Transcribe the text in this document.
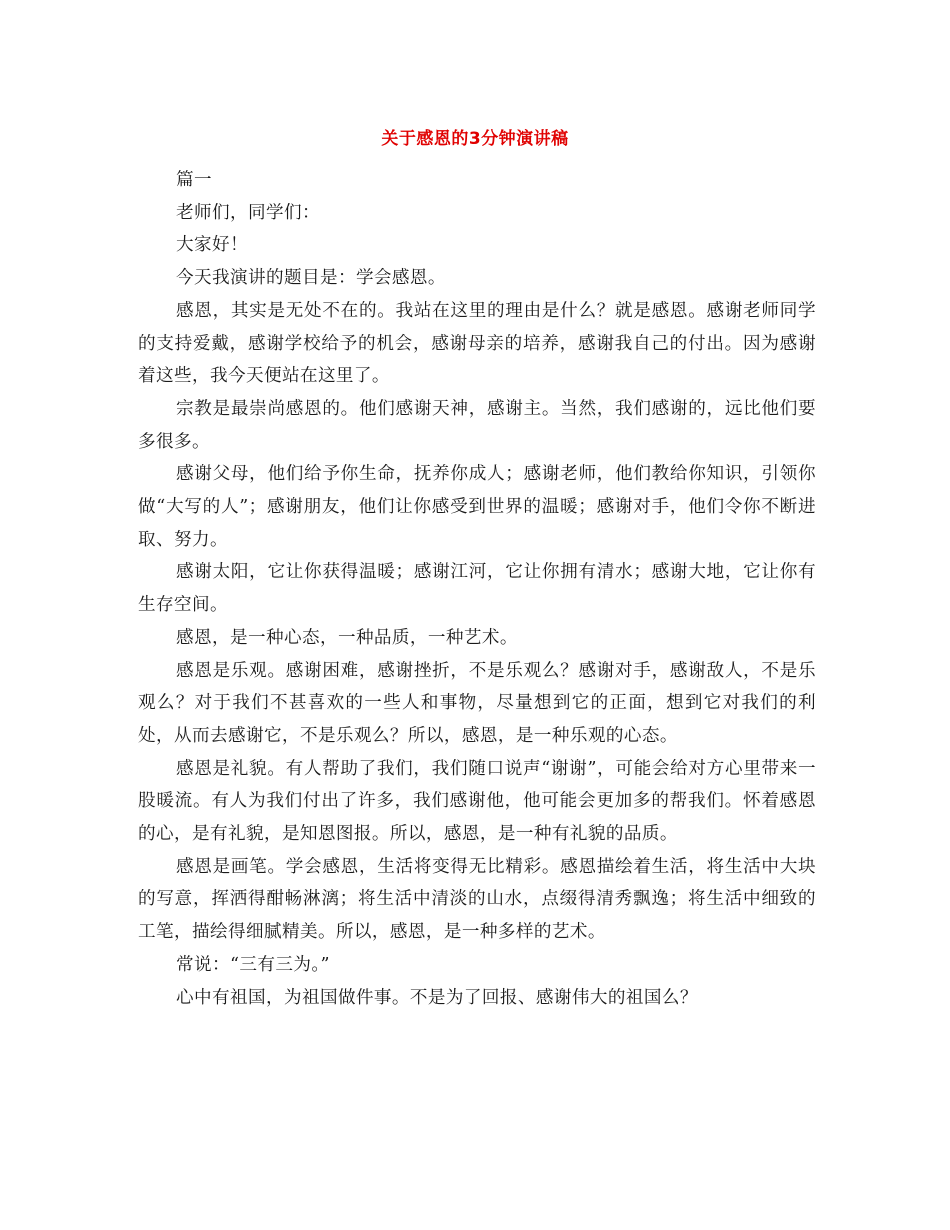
关于感恩的3分钟演讲稿

篇一

老师们，同学们：

大家好！

今天我演讲的题目是：学会感恩。

感恩，其实是无处不在的。我站在这里的理由是什么？就是感恩。感谢老师同学的支持爱戴，感谢学校给予的机会，感谢母亲的培养，感谢我自己的付出。因为感谢着这些，我今天便站在这里了。

宗教是最崇尚感恩的。他们感谢天神，感谢主。当然，我们感谢的，远比他们要多很多。

感谢父母，他们给予你生命，抚养你成人；感谢老师，他们教给你知识，引领你做“大写的人”；感谢朋友，他们让你感受到世界的温暖；感谢对手，他们令你不断进取、努力。

感谢太阳，它让你获得温暖；感谢江河，它让你拥有清水；感谢大地，它让你有生存空间。

感恩，是一种心态，一种品质，一种艺术。

感恩是乐观。感谢困难，感谢挫折，不是乐观么？感谢对手，感谢敌人，不是乐观么？对于我们不甚喜欢的一些人和事物，尽量想到它的正面，想到它对我们的利处，从而去感谢它，不是乐观么？所以，感恩，是一种乐观的心态。

感恩是礼貌。有人帮助了我们，我们随口说声“谢谢”，可能会给对方心里带来一股暖流。有人为我们付出了许多，我们感谢他，他可能会更加多的帮我们。怀着感恩的心，是有礼貌，是知恩图报。所以，感恩，是一种有礼貌的品质。

感恩是画笔。学会感恩，生活将变得无比精彩。感恩描绘着生活，将生活中大块的写意，挥洒得酣畅淋漓；将生活中清淡的山水，点缀得清秀飘逸；将生活中细致的工笔，描绘得细腻精美。所以，感恩，是一种多样的艺术。

常说：“三有三为。”

心中有祖国，为祖国做件事。不是为了回报、感谢伟大的祖国么？
